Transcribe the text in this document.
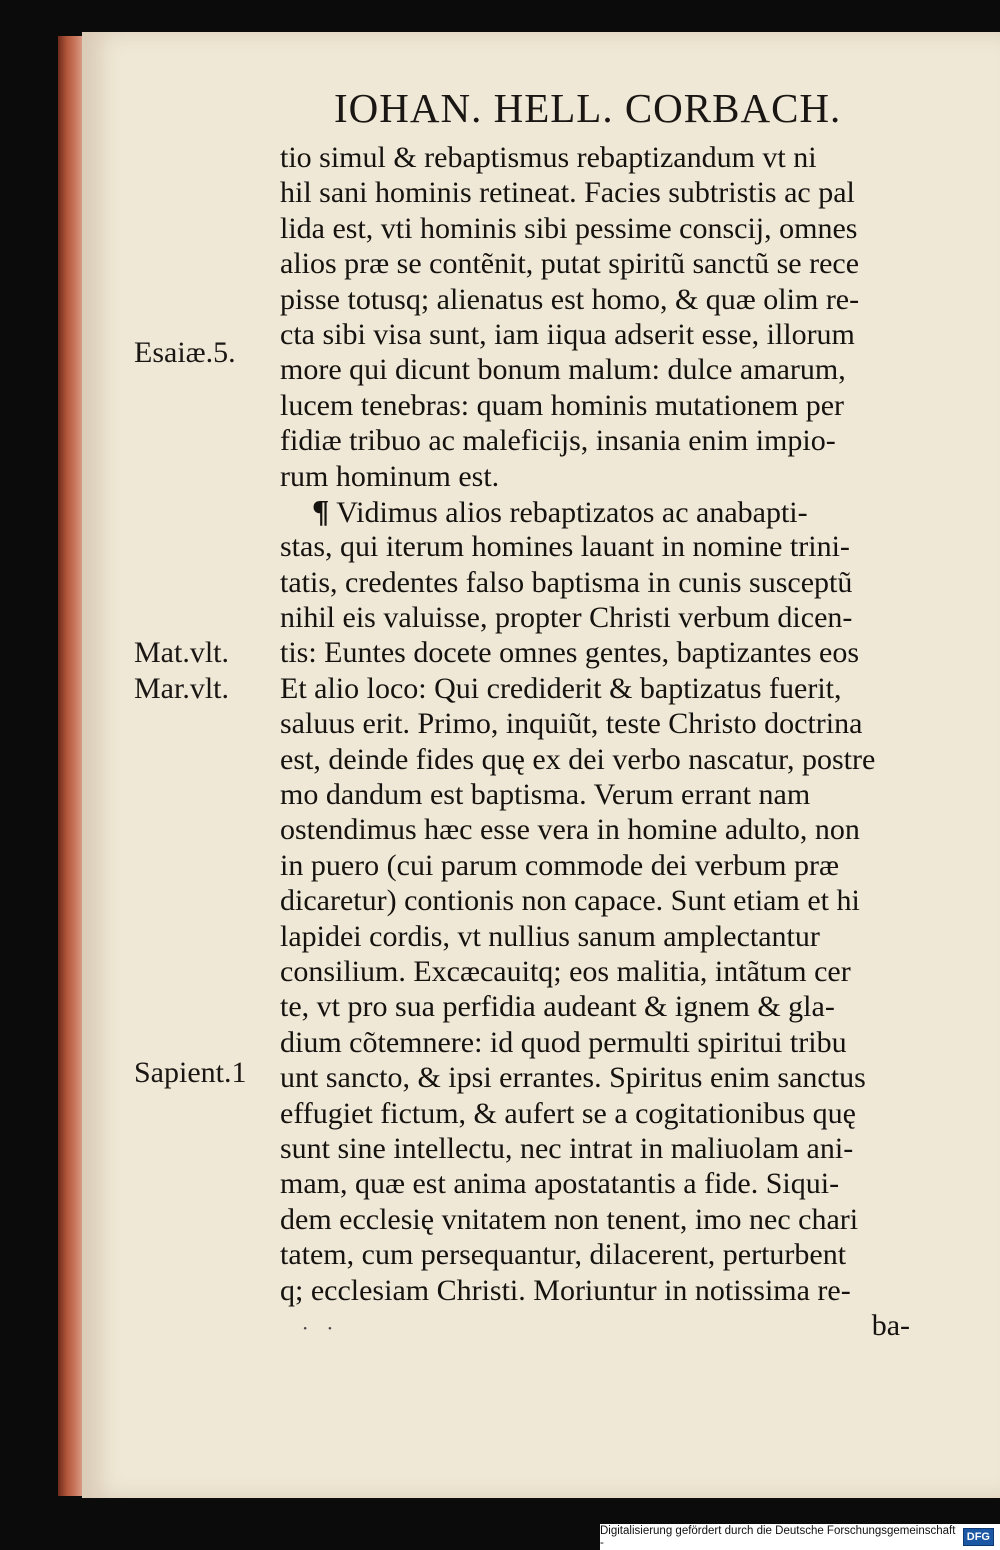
IOHAN. HELL. CORBACH.
Esaiæ.5.
Mat.vlt.
Mar.vlt.
Sapient.1
tio simul & rebaptismus rebaptizandum vt ni
hil sani hominis retineat. Facies subtristis ac pal
lida est, vti hominis sibi pessime conscij, omnes
alios præ se contẽnit, putat spiritũ sanctũ se rece
pisse totusq; alienatus est homo, & quæ olim re-
cta sibi visa sunt, iam iiqua adserit esse, illorum
more qui dicunt bonum malum: dulce amarum,
lucem tenebras: quam hominis mutationem per
fidiæ tribuo ac maleficijs, insania enim impio-
rum hominum est.
¶ Vidimus alios rebaptizatos ac anabapti-
stas, qui iterum homines lauant in nomine trini-
tatis, credentes falso baptisma in cunis susceptũ
nihil eis valuisse, propter Christi verbum dicen-
tis: Euntes docete omnes gentes, baptizantes eos
Et alio loco: Qui crediderit & baptizatus fuerit,
saluus erit. Primo, inquiũt, teste Christo doctrina
est, deinde fides quę ex dei verbo nascatur, postre
mo dandum est baptisma. Verum errant nam
ostendimus hæc esse vera in homine adulto, non
in puero (cui parum commode dei verbum præ
dicaretur) contionis non capace. Sunt etiam et hi
lapidei cordis, vt nullius sanum amplectantur
consilium. Excæcauitq; eos malitia, intãtum cer
te, vt pro sua perfidia audeant & ignem & gla-
dium cõtemnere: id quod permulti spiritui tribu
unt sancto, & ipsi errantes. Spiritus enim sanctus
effugiet fictum, & aufert se a cogitationibus quę
sunt sine intellectu, nec intrat in maliuolam ani-
mam, quæ est anima apostatantis a fide. Siqui-
dem ecclesię vnitatem non tenent, imo nec chari
tatem, cum persequantur, dilacerent, perturbent
q; ecclesiam Christi. Moriuntur in notissima re-
ba-
· ·
Digitalisierung gefördert durch die Deutsche Forschungsgemeinschaft -	DFG
